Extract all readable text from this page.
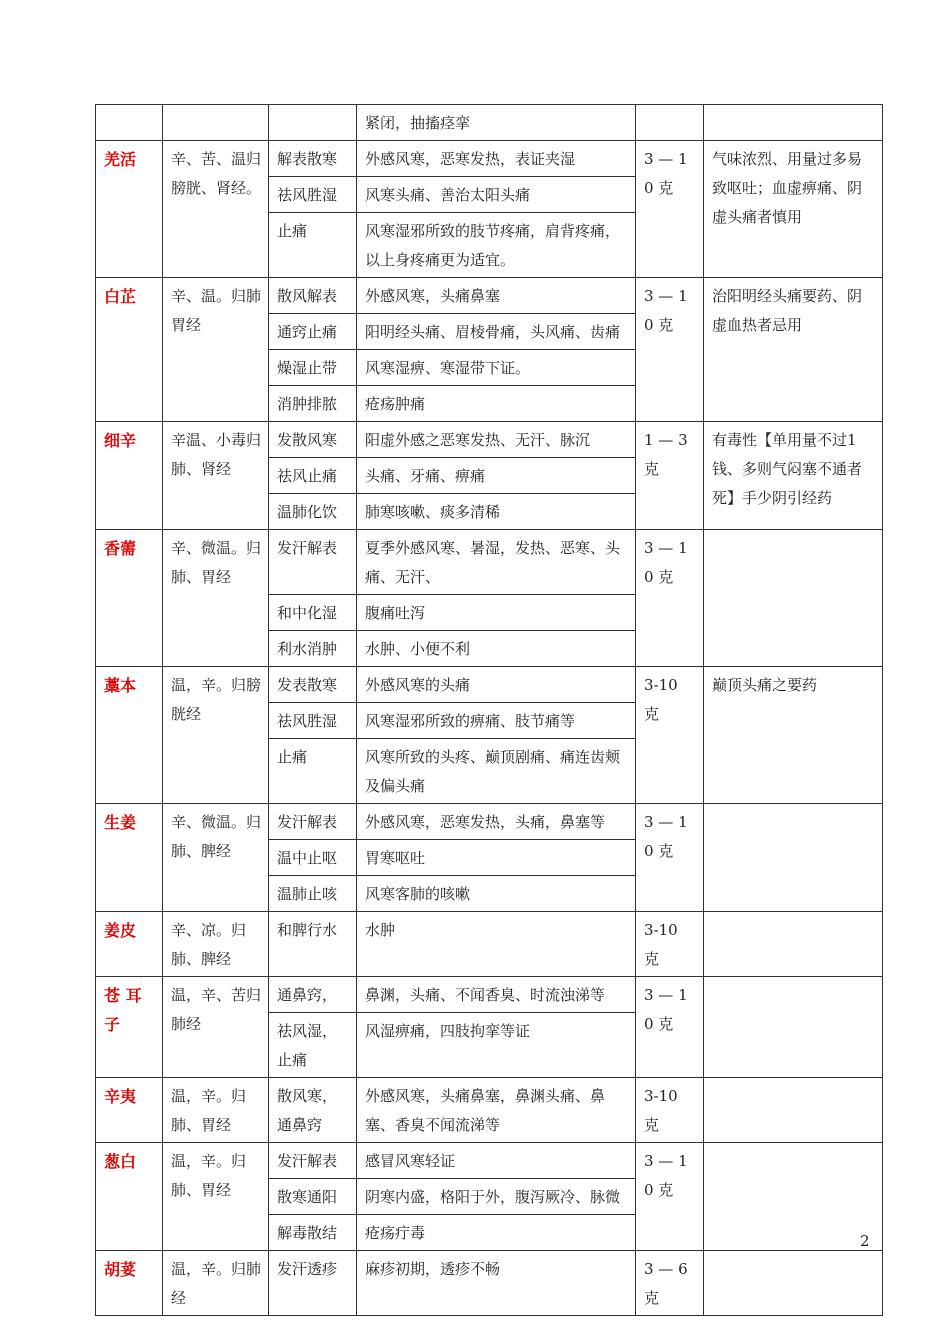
			紧闭，抽搐痉挛		
羌活	辛、苦、温归膀胱、肾经。	解表散寒	外感风寒，恶寒发热，表证夹湿	3 — 10 克	气味浓烈、用量过多易致呕吐；血虚痹痛、阴虚头痛者慎用
		祛风胜湿	风寒头痛、善治太阳头痛		
		止痛	风寒湿邪所致的肢节疼痛，肩背疼痛，以上身疼痛更为适宜。		
白芷	辛、温。归肺胃经	散风解表	外感风寒，头痛鼻塞	3 — 10 克	治阳明经头痛要药、阴虚血热者忌用
		通窍止痛	阳明经头痛、眉棱骨痛，头风痛、齿痛		
		燥湿止带	风寒湿痹、寒湿带下证。		
		消肿排脓	疮疡肿痛		
细辛	辛温、小毒归肺、肾经	发散风寒	阳虚外感之恶寒发热、无汗、脉沉	1 — 3 克	有毒性【单用量不过1钱、多则气闷塞不通者死】手少阴引经药
		祛风止痛	头痛、牙痛、痹痛		
		温肺化饮	肺寒咳嗽、痰多清稀		
香薷	辛、微温。归肺、胃经	发汗解表	夏季外感风寒、暑湿，发热、恶寒、头痛、无汗、	3 — 10 克	
		和中化湿	腹痛吐泻		
		利水消肿	水肿、小便不利		
藁本	温，辛。归膀胱经	发表散寒	外感风寒的头痛	3-10 克	巅顶头痛之要药
		祛风胜湿	风寒湿邪所致的痹痛、肢节痛等		
		止痛	风寒所致的头疼、巅顶剧痛、痛连齿颊及偏头痛		
生姜	辛、微温。归肺、脾经	发汗解表	外感风寒，恶寒发热，头痛，鼻塞等	3 — 10 克	
		温中止呕	胃寒呕吐		
		温肺止咳	风寒客肺的咳嗽		
姜皮	辛、凉。归肺、脾经	和脾行水	水肿	3-10 克	
苍 耳 子	温，辛、苦归肺经	通鼻窍，	鼻渊，头痛、不闻香臭、时流浊涕等	3 — 10 克	
		祛风湿，止痛	风湿痹痛，四肢拘挛等证		
辛夷	温，辛。归肺、胃经	散风寒，通鼻窍	外感风寒，头痛鼻塞，鼻渊头痛、鼻塞、香臭不闻流涕等	3-10 克	
葱白	温，辛。归肺、胃经	发汗解表	感冒风寒轻证	3 — 10 克	
		散寒通阳	阴寒内盛，格阳于外，腹泻厥冷、脉微		
		解毒散结	疮疡疔毒		
胡荽	温，辛。归肺经	发汗透疹	麻疹初期，透疹不畅	3 — 6 克	
2
